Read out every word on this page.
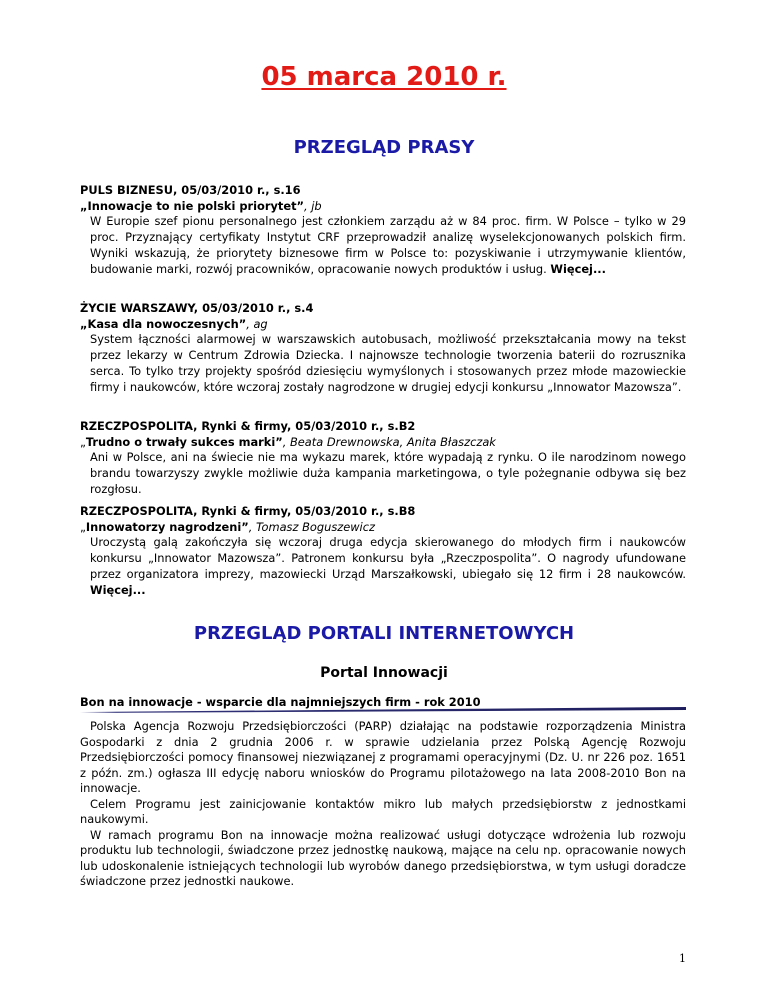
05 marca 2010 r.
PRZEGLĄD PRASY
PULS BIZNESU, 05/03/2010 r., s.16
„Innowacje to nie polski priorytet”, jb
W Europie szef pionu personalnego jest członkiem zarządu aż w 84 proc. firm. W Polsce – tylko w 29 proc. Przyznający certyfikaty Instytut CRF przeprowadził analizę wyselekcjonowanych polskich firm. Wyniki wskazują, że priorytety biznesowe firm w Polsce to: pozyskiwanie i utrzymywanie klientów, budowanie marki, rozwój pracowników, opracowanie nowych produktów i usług. Więcej...
ŻYCIE WARSZAWY, 05/03/2010 r., s.4
„Kasa dla nowoczesnych”, ag
System łączności alarmowej w warszawskich autobusach, możliwość przekształcania mowy na tekst przez lekarzy w Centrum Zdrowia Dziecka. I najnowsze technologie tworzenia baterii do rozrusznika serca. To tylko trzy projekty spośród dziesięciu wymyślonych i stosowanych przez młode mazowieckie firmy i naukowców, które wczoraj zostały nagrodzone w drugiej edycji konkursu „Innowator Mazowsza”.
RZECZPOSPOLITA, Rynki & firmy, 05/03/2010 r., s.B2
„Trudno o trwały sukces marki”, Beata Drewnowska, Anita Błaszczak
Ani w Polsce, ani na świecie nie ma wykazu marek, które wypadają z rynku. O ile narodzinom nowego brandu towarzyszy zwykle możliwie duża kampania marketingowa, o tyle pożegnanie odbywa się bez rozgłosu.
RZECZPOSPOLITA, Rynki & firmy, 05/03/2010 r., s.B8
„Innowatorzy nagrodzeni”, Tomasz Boguszewicz
Uroczystą galą zakończyła się wczoraj druga edycja skierowanego do młodych firm i naukowców konkursu „Innowator Mazowsza”. Patronem konkursu była „Rzeczpospolita”. O nagrody ufundowane przez organizatora imprezy, mazowiecki Urząd Marszałkowski, ubiegało się 12 firm i 28 naukowców. Więcej...
PRZEGLĄD PORTALI INTERNETOWYCH
Portal Innowacji
Bon na innowacje - wsparcie dla najmniejszych firm - rok 2010

Polska Agencja Rozwoju Przedsiębiorczości (PARP) działając na podstawie rozporządzenia Ministra Gospodarki z dnia 2 grudnia 2006 r. w sprawie udzielania przez Polską Agencję Rozwoju Przedsiębiorczości pomocy finansowej niezwiązanej z programami operacyjnymi (Dz. U. nr 226 poz. 1651 z późn. zm.) ogłasza III edycję naboru wniosków do Programu pilotażowego na lata 2008-2010 Bon na innowacje.

Celem Programu jest zainicjowanie kontaktów mikro lub małych przedsiębiorstw z jednostkami naukowymi.

W ramach programu Bon na innowacje można realizować usługi dotyczące wdrożenia lub rozwoju produktu lub technologii, świadczone przez jednostkę naukową, mające na celu np. opracowanie nowych lub udoskonalenie istniejących technologii lub wyrobów danego przedsiębiorstwa, w tym usługi doradcze świadczone przez jednostki naukowe.

1
